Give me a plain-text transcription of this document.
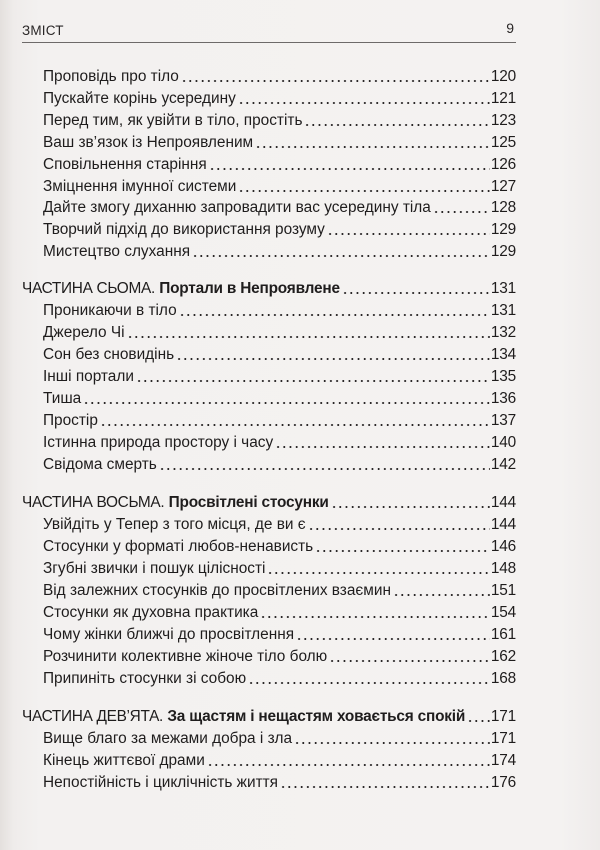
ЗМІСТ	9
Проповідь про тіло	120
Пускайте корінь усередину	121
Перед тим, як увійти в тіло, простіть	123
Ваш зв’язок із Непроявленим	125
Сповільнення старіння	126
Зміцнення імунної системи	127
Дайте змогу диханню запровадити вас усередину тіла	128
Творчий підхід до використання розуму	129
Мистецтво слухання	129
ЧАСТИНА СЬОМА. Портали в Непроявлене	131
Проникаючи в тіло	131
Джерело Чі	132
Сон без сновидінь	134
Інші портали	135
Тиша	136
Простір	137
Істинна природа простору і часу	140
Свідома смерть	142
ЧАСТИНА ВОСЬМА. Просвітлені стосунки	144
Увійдіть у Тепер з того місця, де ви є	144
Стосунки у форматі любов-ненависть	146
Згубні звички і пошук цілісності	148
Від залежних стосунків до просвітлених взаємин	151
Стосунки як духовна практика	154
Чому жінки ближчі до просвітлення	161
Розчинити колективне жіноче тіло болю	162
Припиніть стосунки зі собою	168
ЧАСТИНА ДЕВ’ЯТА. За щастям і нещастям ховається спокій 171
Вище благо за межами добра і зла	171
Кінець життєвої драми	174
Непостійність і циклічність життя	176
